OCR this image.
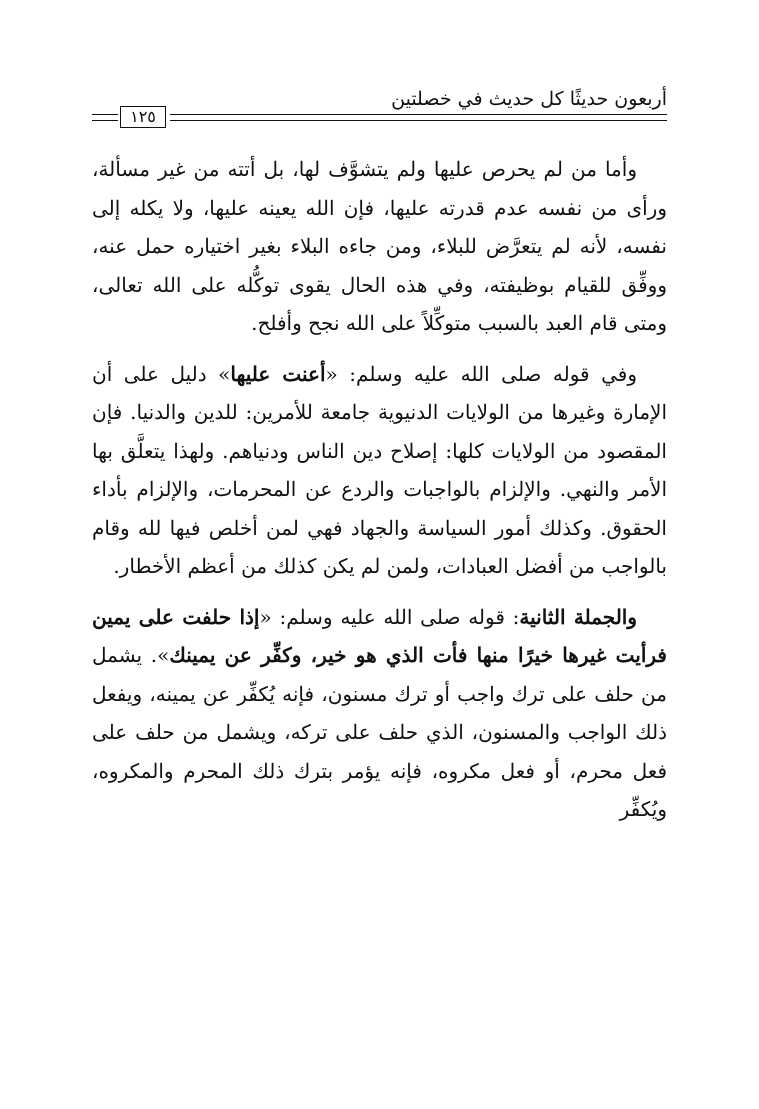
أربعون حديثًا كل حديث في خصلتين
١٢٥

وأما من لم يحرص عليها ولم يتشوَّف لها، بل أتته من غير مسألة، ورأى من نفسه عدم قدرته عليها، فإن الله يعينه عليها، ولا يكله إلى نفسه، لأنه لم يتعرَّض للبلاء، ومن جاءه البلاء بغير اختياره حمل عنه، ووفِّق للقيام بوظيفته، وفي هذه الحال يقوى توكُّله على الله تعالى، ومتى قام العبد بالسبب متوكِّلاً على الله نجح وأفلح.

وفي قوله صلى الله عليه وسلم: «أعنت عليها» دليل على أن الإمارة وغيرها من الولايات الدنيوية جامعة للأمرين: للدين والدنيا. فإن المقصود من الولايات كلها: إصلاح دين الناس ودنياهم. ولهذا يتعلَّق بها الأمر والنهي. والإلزام بالواجبات والردع عن المحرمات، والإلزام بأداء الحقوق. وكذلك أمور السياسة والجهاد فهي لمن أخلص فيها لله وقام بالواجب من أفضل العبادات، ولمن لم يكن كذلك من أعظم الأخطار.

والجملة الثانية: قوله صلى الله عليه وسلم: «إذا حلفت على يمين فرأيت غيرها خيرًا منها فأت الذي هو خير، وكفِّر عن يمينك». يشمل من حلف على ترك واجب أو ترك مسنون، فإنه يُكفِّر عن يمينه، ويفعل ذلك الواجب والمسنون، الذي حلف على تركه، ويشمل من حلف على فعل محرم، أو فعل مكروه، فإنه يؤمر بترك ذلك المحرم والمكروه، ويُكفِّر
